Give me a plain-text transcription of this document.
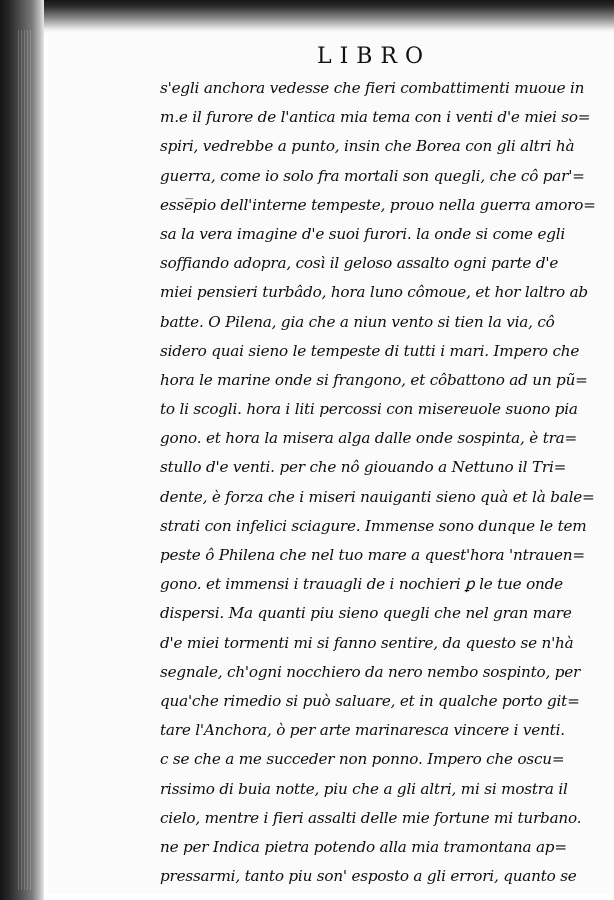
LIBRO
s'egli anchora vedesse che fieri combattimenti muoue in
m.e il furore de l'antica mia tema con i venti d'e miei so=
spiri, vedrebbe a punto, insin che Borea con gli altri hà
guerra, come io solo fra mortali son quegli, che cô par'=
esse̅pio dell'interne tempeste, prouo nella guerra amoro=
sa la vera imagine d'e suoi furori. la onde si come egli
soffiando adopra, così il geloso assalto ogni parte d'e
miei pensieri turbâdo, hora luno cômoue, et hor laltro ab
batte. O Pilena, gia che a niun vento si tien la via, cô
sidero quai sieno le tempeste di tutti i mari. Impero che
hora le marine onde si frangono, et côbattono ad un pũ=
to li scogli. hora i liti percossi con misereuole suono pia
gono. et hora la misera alga dalle onde sospinta, è tra=
stullo d'e venti. per che nô giouando a Nettuno il Tri=
dente, è forza che i miseri nauiganti sieno quà et là bale=
strati con infelici sciagure. Immense sono dunque le tem
peste ô Philena che nel tuo mare a quest'hora 'ntrauen=
gono. et immensi i trauagli de i nochieri ꝑ le tue onde
dispersi. Ma quanti piu sieno quegli che nel gran mare
d'e miei tormenti mi si fanno sentire, da questo se n'hà
segnale, ch'ogni nocchiero da nero nembo sospinto, per
qua'che rimedio si può saluare, et in qualche porto git=
tare l'Anchora, ò per arte marinaresca vincere i venti.
c se che a me succeder non ponno. Impero che oscu=
rissimo di buia notte, piu che a gli altri, mi si mostra il
cielo, mentre i fieri assalti delle mie fortune mi turbano.
ne per Indica pietra potendo alla mia tramontana ap=
pressarmi, tanto piu son' esposto a gli errori, quanto se
